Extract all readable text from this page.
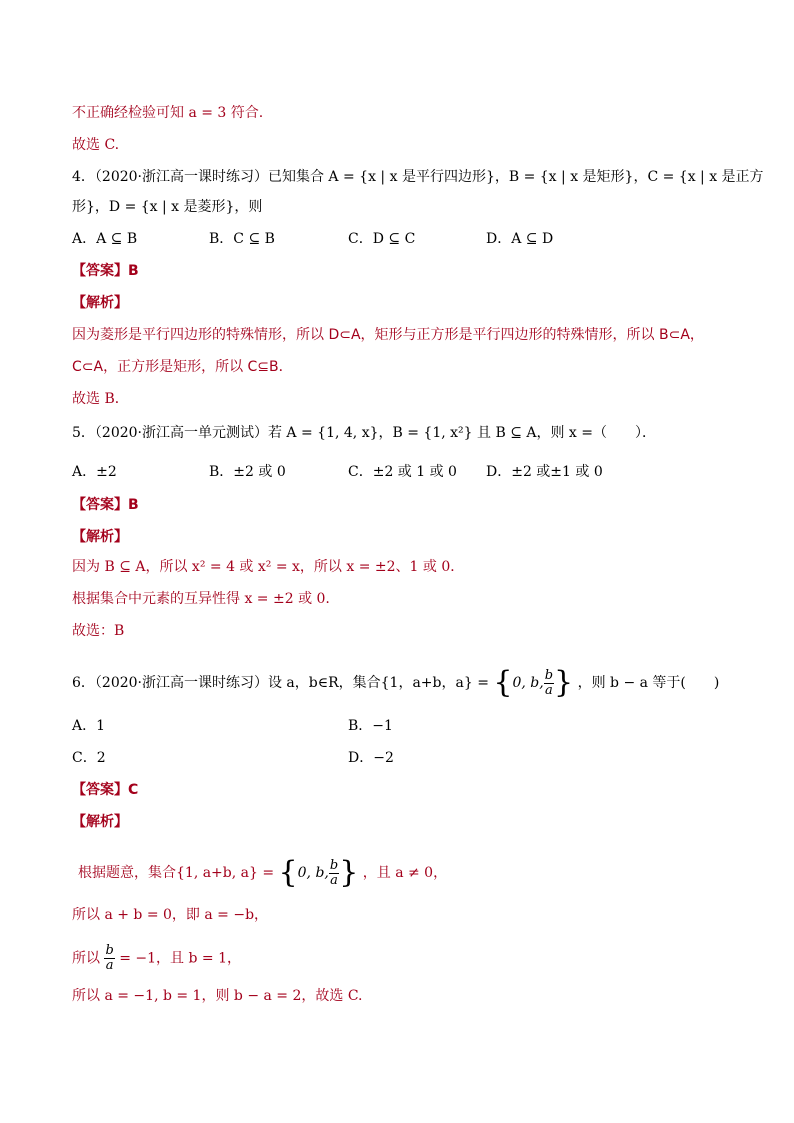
不正确经检验可知 a = 3 符合.
故选 C.
4．（2020·浙江高一课时练习）已知集合 A = {x | x 是平行四边形}，B = {x | x 是矩形}，C = {x | x 是正方
形}，D = {x | x 是菱形}，则
A．A ⊆ B	B．C ⊆ B	C．D ⊆ C	D．A ⊆ D
【答案】B
【解析】
因为菱形是平行四边形的特殊情形，所以 D⊂A，矩形与正方形是平行四边形的特殊情形，所以 B⊂A，
C⊂A，正方形是矩形，所以 C⊆B．
故选 B．
5．（2020·浙江高一单元测试）若 A = {1, 4, x}，B = {1, x²} 且 B ⊆ A，则 x =（　　）．
A．±2	B．±2 或 0	C．±2 或 1 或 0 D．±2 或±1 或 0
【答案】B
【解析】
因为 B ⊆ A，所以 x² = 4 或 x² = x，所以 x = ±2、1 或 0．
根据集合中元素的互异性得 x = ±2 或 0.
故选：B
6．（2020·浙江高一课时练习）设 a，b∈R，集合{1，a+b，a} = {0, b, $\frac{b}{a}$ } ，则 b − a 等于(　　)
A．1	B．−1
C．2	D．−2
【答案】C
【解析】
根据题意，集合{1, a+b, a} = {0, b, $\frac{b}{a}$ } ，且 a ≠ 0，
所以 a + b = 0，即 a = −b，
所以 $\frac{b}{a} = -1$，且 b = 1，
所以 a = −1, b = 1，则 b − a = 2，故选 C.
